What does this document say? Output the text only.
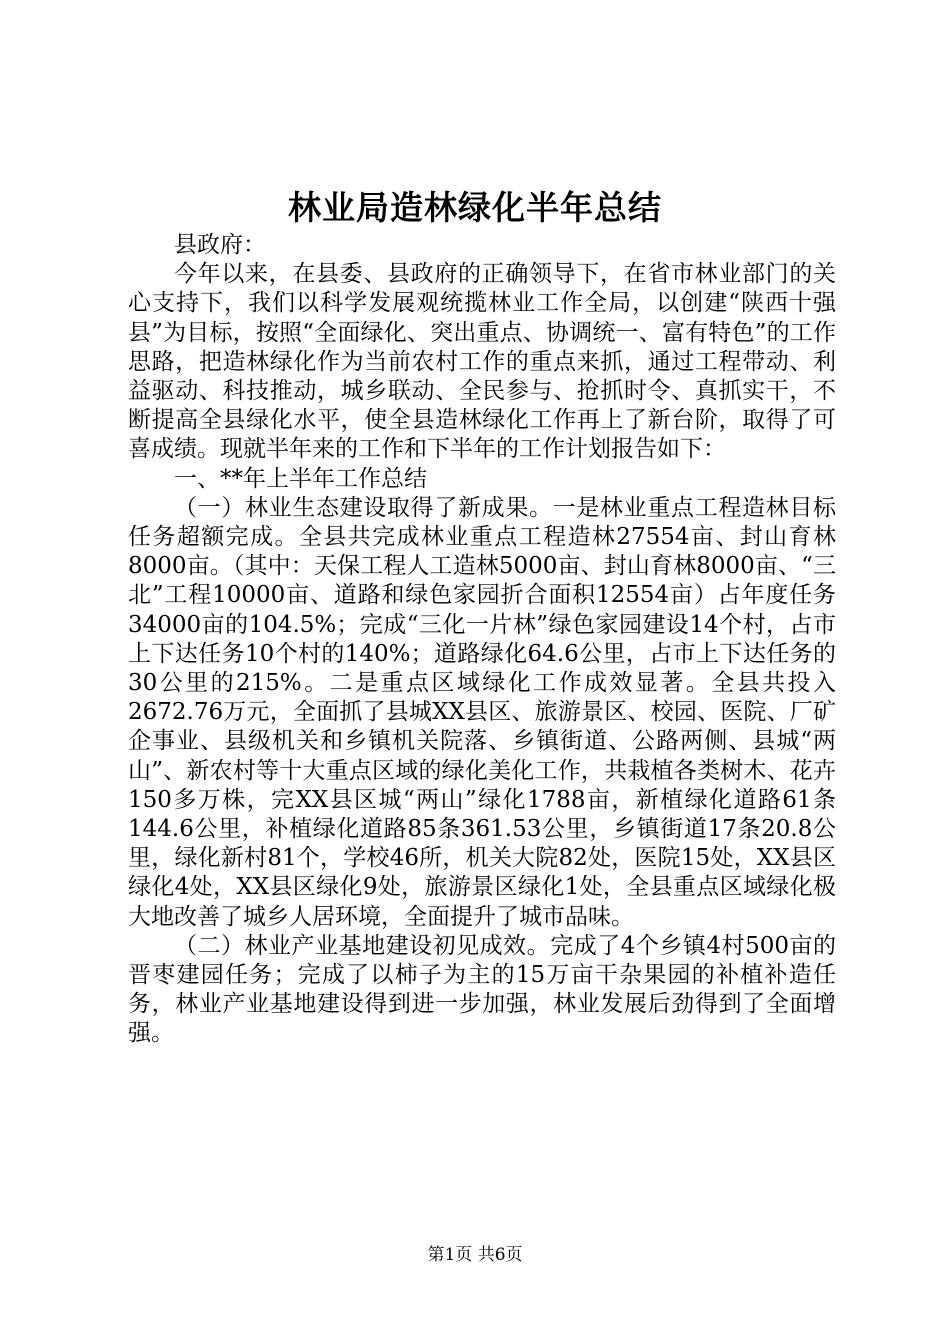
林业局造林绿化半年总结

县政府：

今年以来，在县委、县政府的正确领导下，在省市林业部门的关心支持下，我们以科学发展观统揽林业工作全局，以创建“陕西十强县”为目标，按照“全面绿化、突出重点、协调统一、富有特色”的工作思路，把造林绿化作为当前农村工作的重点来抓，通过工程带动、利益驱动、科技推动，城乡联动、全民参与、抢抓时令、真抓实干，不断提高全县绿化水平，使全县造林绿化工作再上了新台阶，取得了可喜成绩。现就半年来的工作和下半年的工作计划报告如下：

一、**年上半年工作总结

（一）林业生态建设取得了新成果。一是林业重点工程造林目标任务超额完成。全县共完成林业重点工程造林27554亩、封山育林8000亩。（其中：天保工程人工造林5000亩、封山育林8000亩、“三北”工程10000亩、道路和绿色家园折合面积12554亩）占年度任务34000亩的104.5%；完成“三化一片林”绿色家园建设14个村，占市上下达任务10个村的140%；道路绿化64.6公里，占市上下达任务的30公里的215%。二是重点区域绿化工作成效显著。全县共投入2672.76万元，全面抓了县城XX县区、旅游景区、校园、医院、厂矿企事业、县级机关和乡镇机关院落、乡镇街道、公路两侧、县城“两山”、新农村等十大重点区域的绿化美化工作，共栽植各类树木、花卉150多万株，完XX县区城“两山”绿化1788亩，新植绿化道路61条144.6公里，补植绿化道路85条361.53公里，乡镇街道17条20.8公里，绿化新村81个，学校46所，机关大院82处，医院15处，XX县区绿化4处，XX县区绿化9处，旅游景区绿化1处，全县重点区域绿化极大地改善了城乡人居环境，全面提升了城市品味。

（二）林业产业基地建设初见成效。完成了4个乡镇4村500亩的晋枣建园任务；完成了以柿子为主的15万亩干杂果园的补植补造任务，林业产业基地建设得到进一步加强，林业发展后劲得到了全面增强。

第1页 共6页
